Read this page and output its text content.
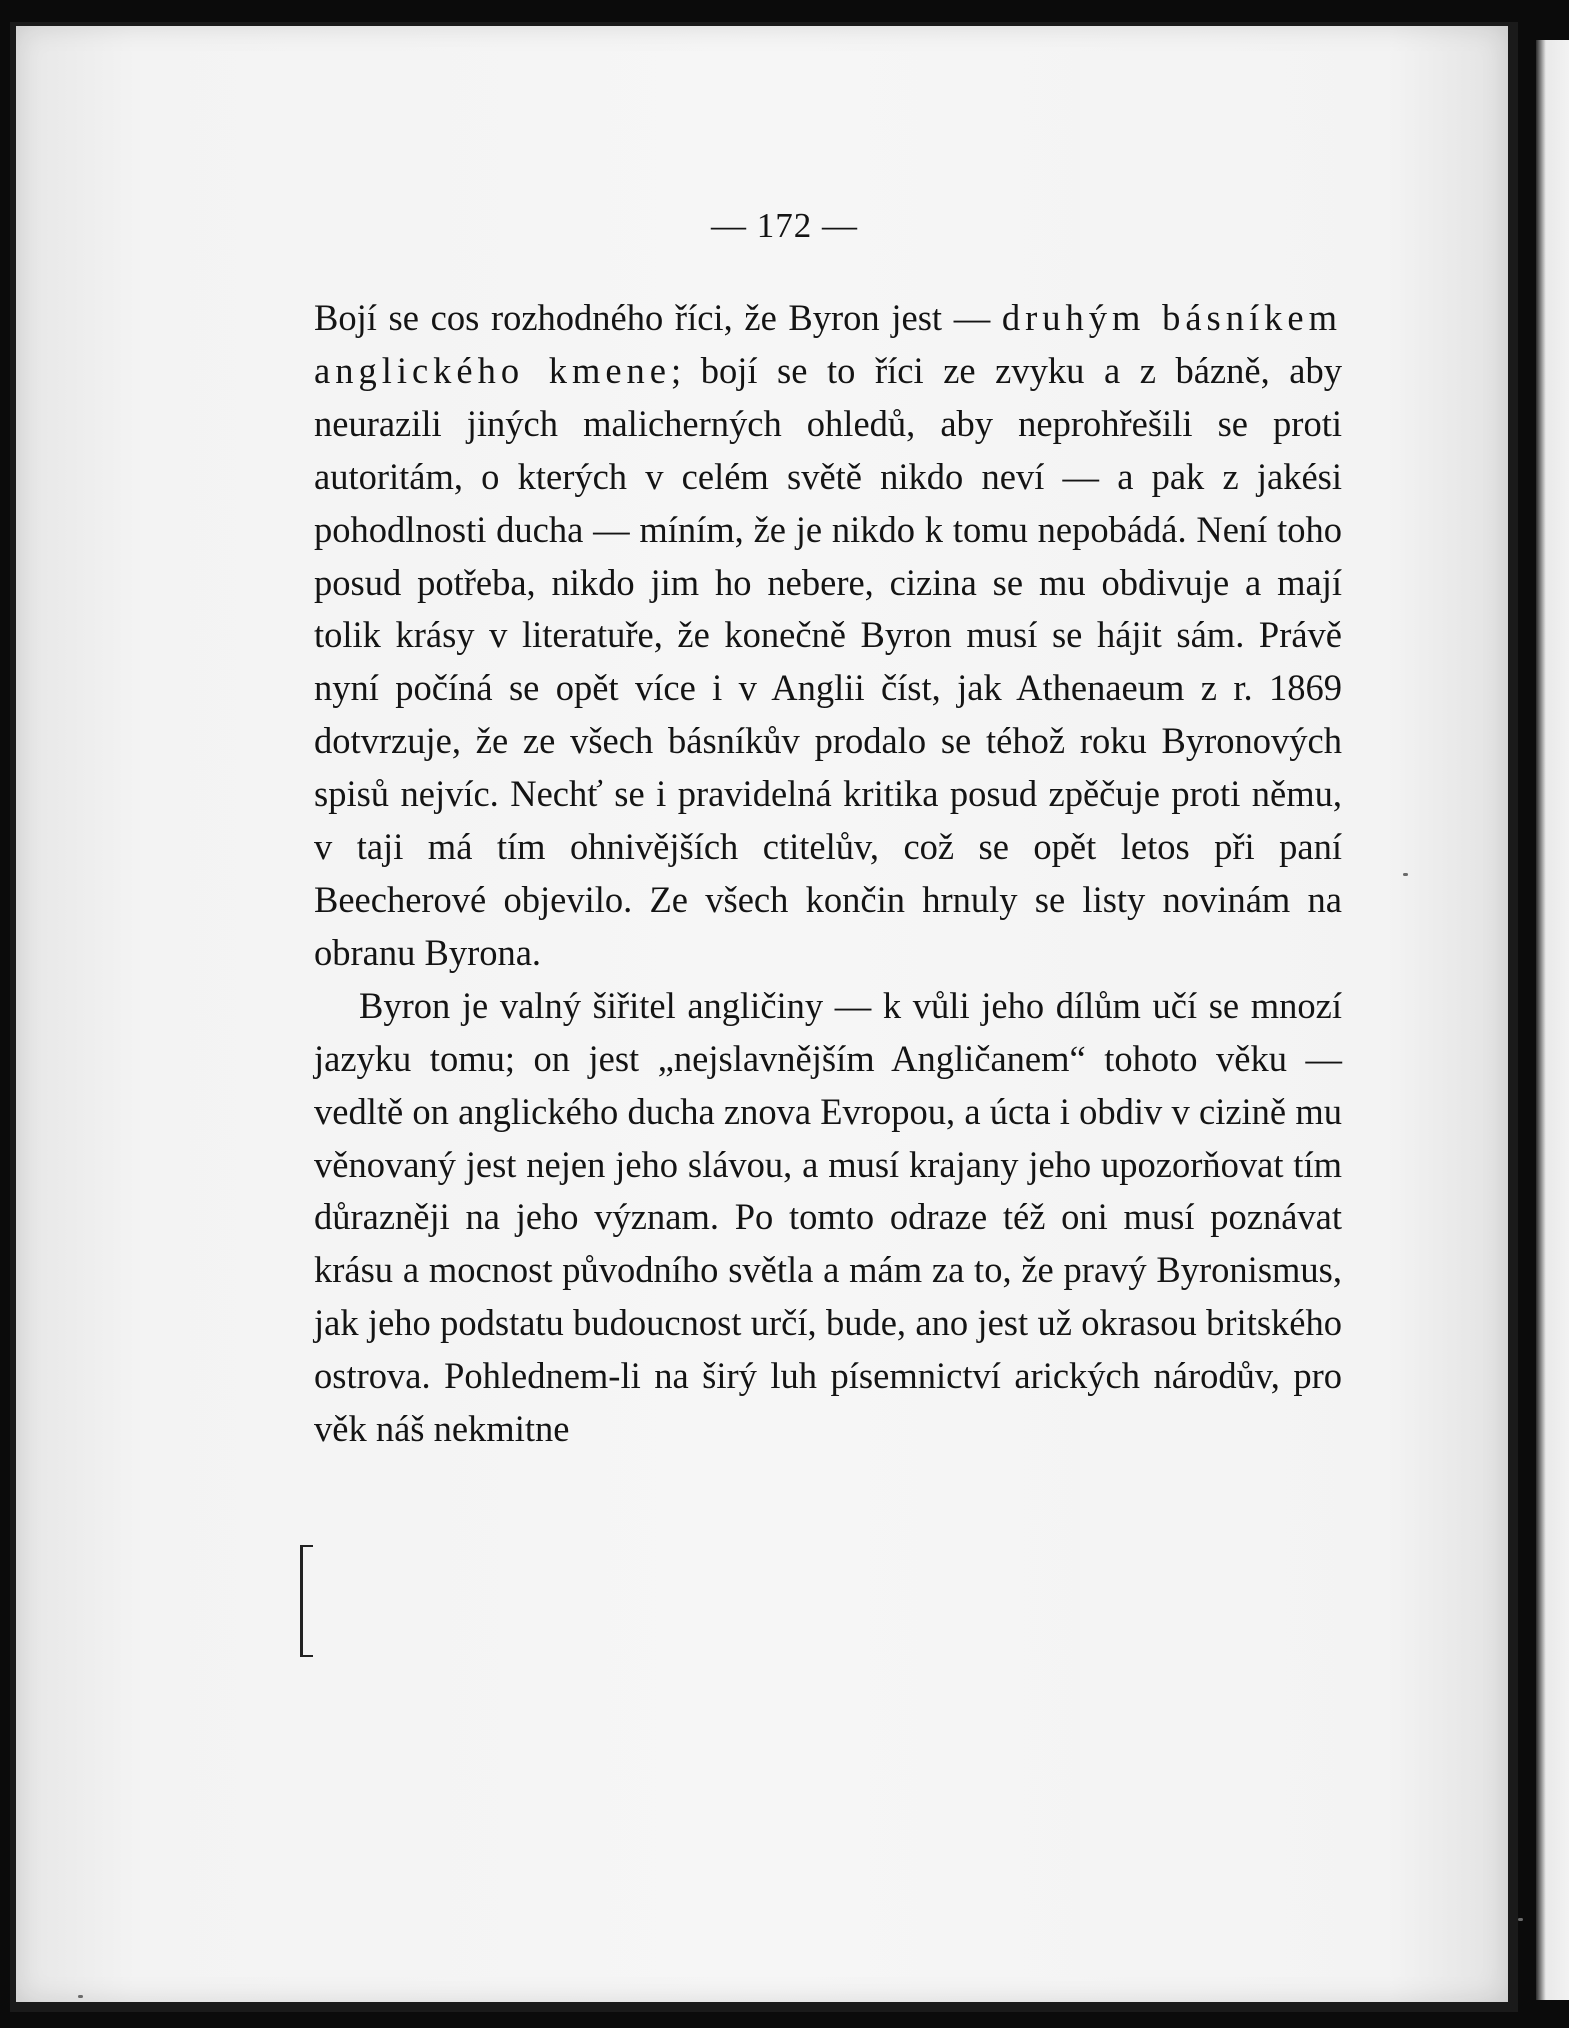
— 172 —

Bojí se cos rozhodného říci, že Byron jest — druhým básníkem anglického kmene; bojí se to říci ze zvyku a z bázně, aby neurazili jiných malicherných ohledů, aby neprohřešili se proti autoritám, o kterých v celém světě nikdo neví — a pak z jakési pohodlnosti ducha — míním, že je nikdo k tomu nepobádá. Není toho posud potřeba, nikdo jim ho nebere, cizina se mu obdivuje a mají tolik krásy v literatuře, že konečně Byron musí se hájit sám. Právě nyní počíná se opět více i v Anglii číst, jak Athenaeum z r. 1869 dotvrzuje, že ze všech básníkův prodalo se téhož roku Byronových spisů nejvíc. Nechť se i pravidelná kritika posud zpěčuje proti němu, v taji má tím ohnivějších ctitelův, což se opět letos při paní Beecherové objevilo. Ze všech končin hrnuly se listy novinám na obranu Byrona.

Byron je valný šiřitel angličiny — k vůli jeho dílům učí se mnozí jazyku tomu; on jest „nejslavnějším Angličanem“ tohoto věku — vedltě on anglického ducha znova Evropou, a úcta i obdiv v cizině mu věnovaný jest nejen jeho slávou, a musí krajany jeho upozorňovat tím důrazněji na jeho význam. Po tomto odraze též oni musí poznávat krásu a mocnost původního světla a mám za to, že pravý Byronismus, jak jeho podstatu budoucnost určí, bude, ano jest už okrasou britského ostrova. Pohlednem-li na širý luh písemnictví arických národův, pro věk náš nekmitne
